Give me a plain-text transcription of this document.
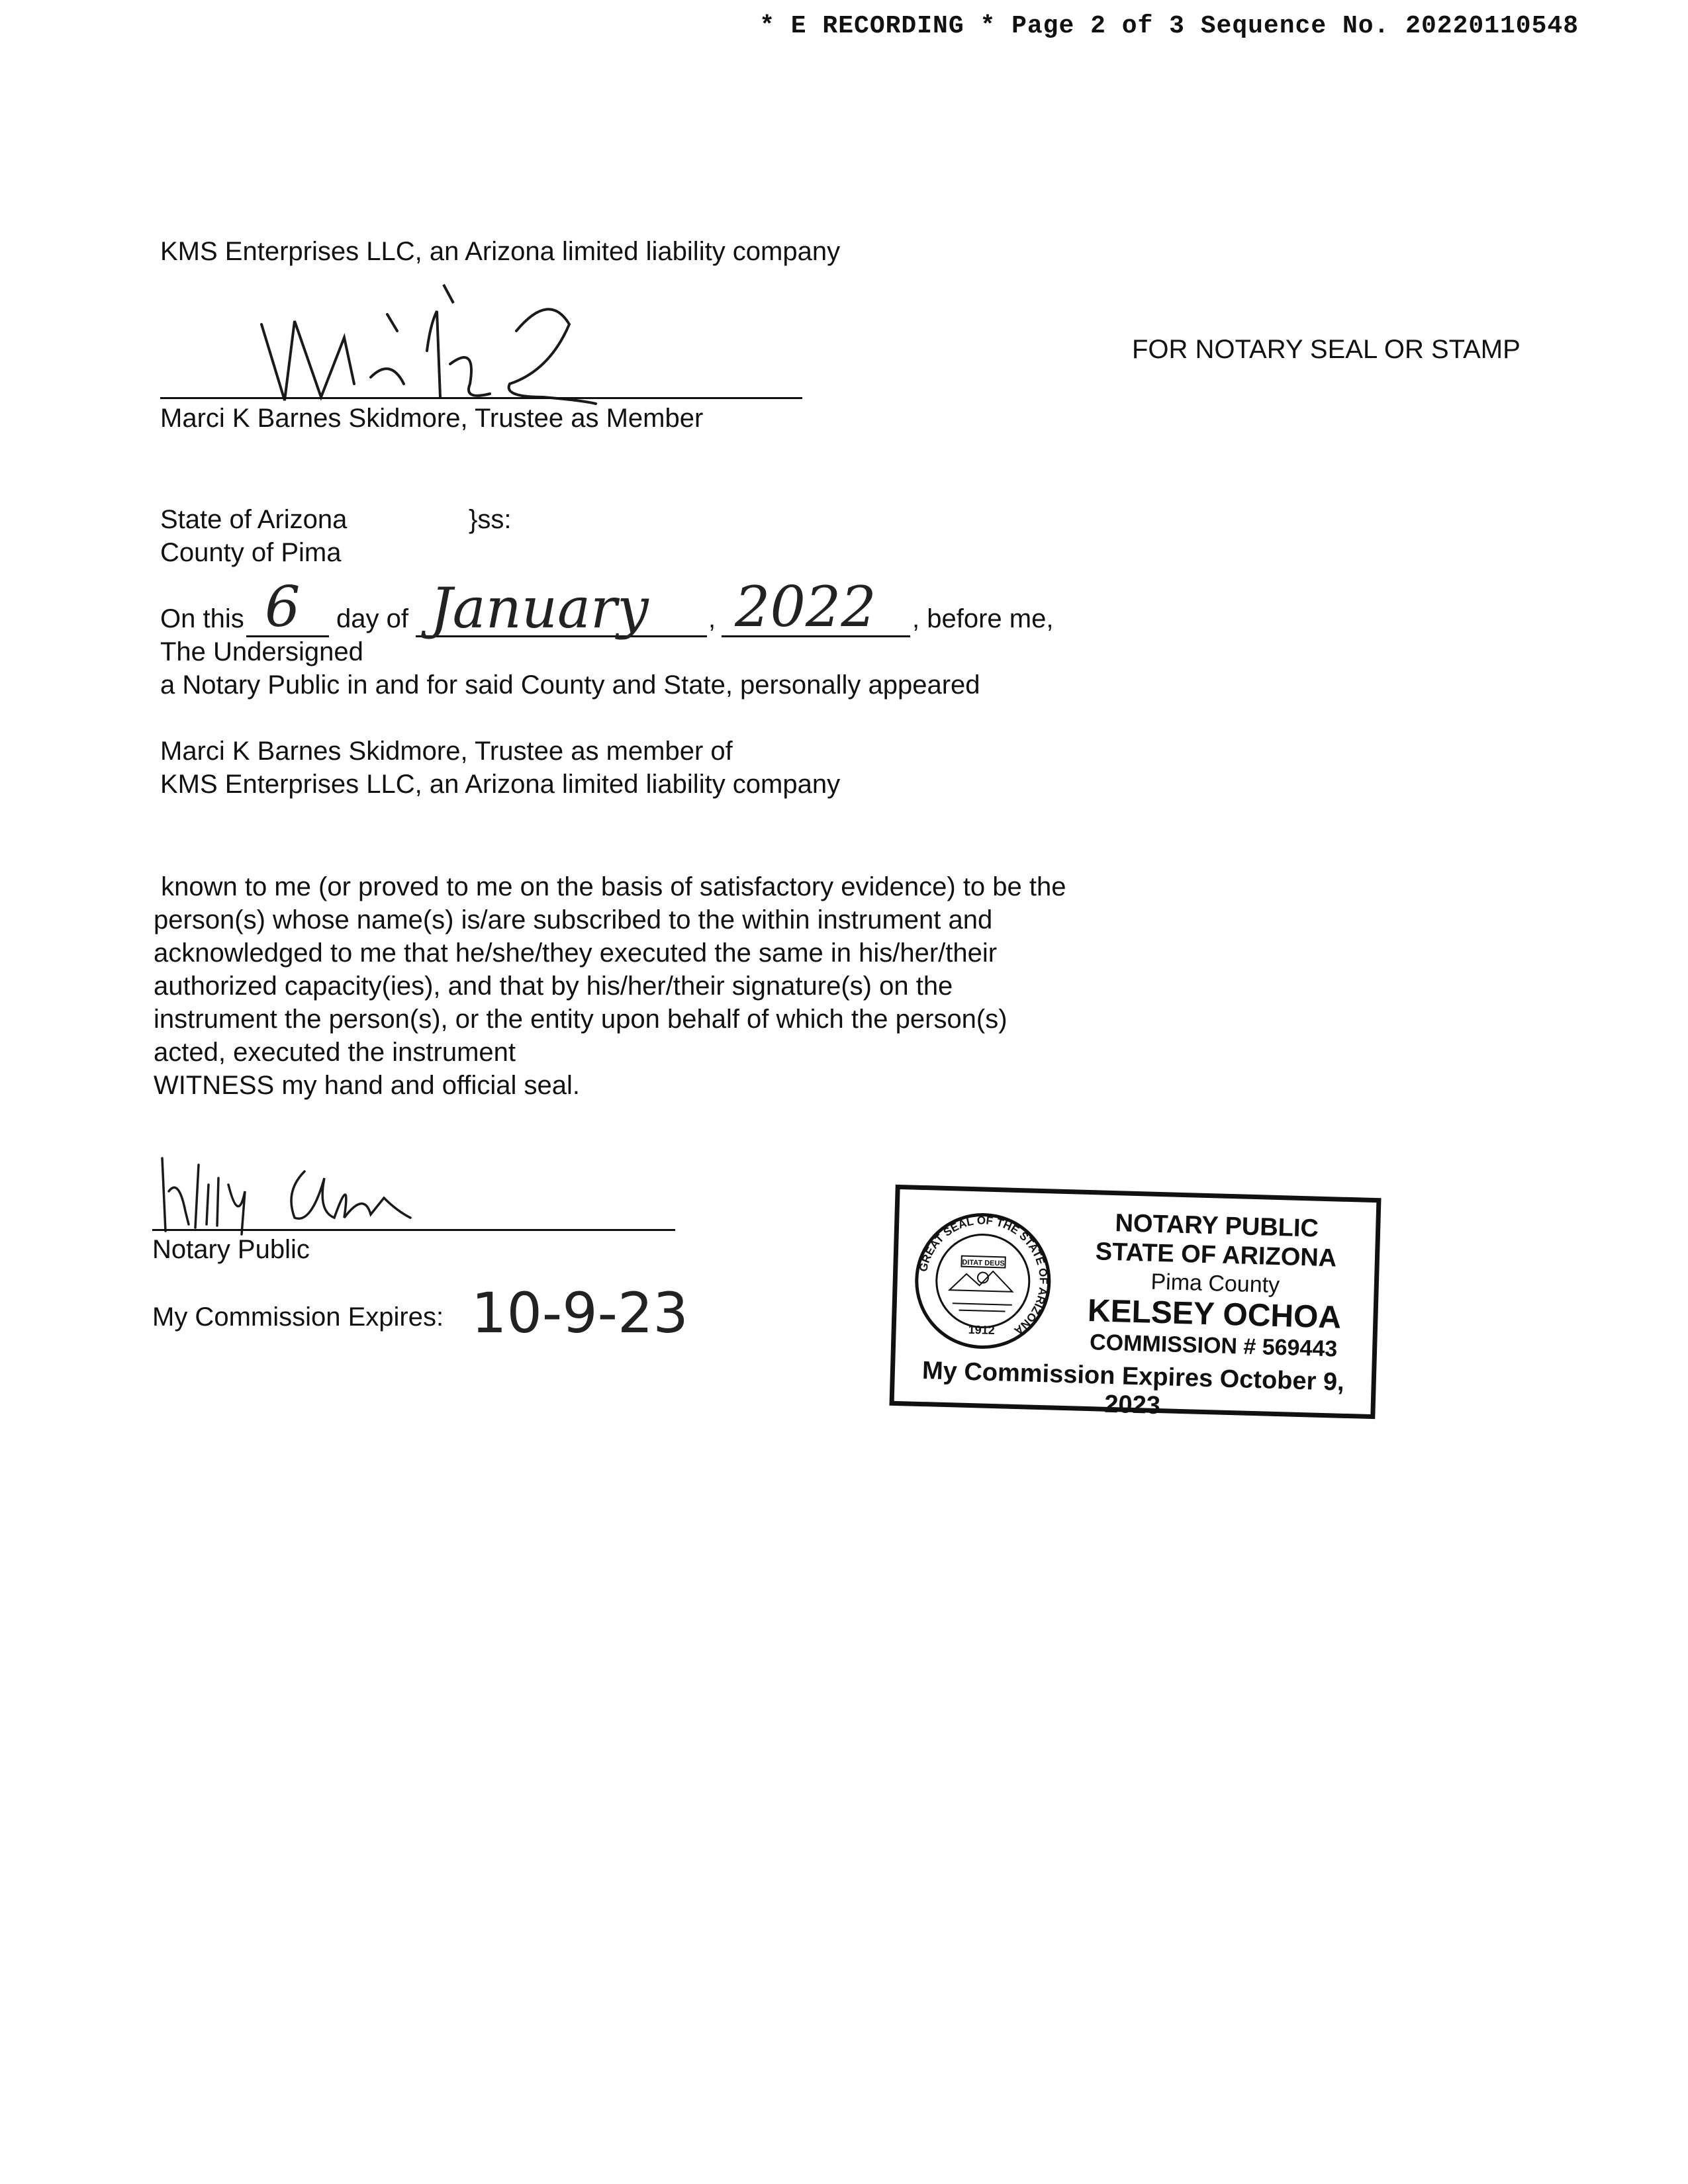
* E RECORDING * Page 2 of 3 Sequence No. 20220110548
KMS Enterprises LLC, an Arizona limited liability company
Marci K Barnes Skidmore, Trustee as Member
FOR NOTARY SEAL OR STAMP
State of Arizona	}ss:
County of Pima
On this 6 day of January , 2022 , before me,
The Undersigned
a Notary Public in and for said County and State, personally appeared
Marci K Barnes Skidmore, Trustee as member of
KMS Enterprises LLC, an Arizona limited liability company

known to me (or proved to me on the basis of satisfactory evidence) to be the

person(s) whose name(s) is/are subscribed to the within instrument and

acknowledged to me that he/she/they executed the same in his/her/their

authorized capacity(ies), and that by his/her/their signature(s) on the

instrument the person(s), or the entity upon behalf of which the person(s)

acted, executed the instrument

WITNESS my hand and official seal.

Notary Public
My Commission Expires: 10-9-23
GREAT SEAL OF THE STATE OF ARIZONA
DITAT DEUS
1912
NOTARY PUBLIC
STATE OF ARIZONA
Pima County
KELSEY OCHOA
COMMISSION # 569443
My Commission Expires October 9, 2023
